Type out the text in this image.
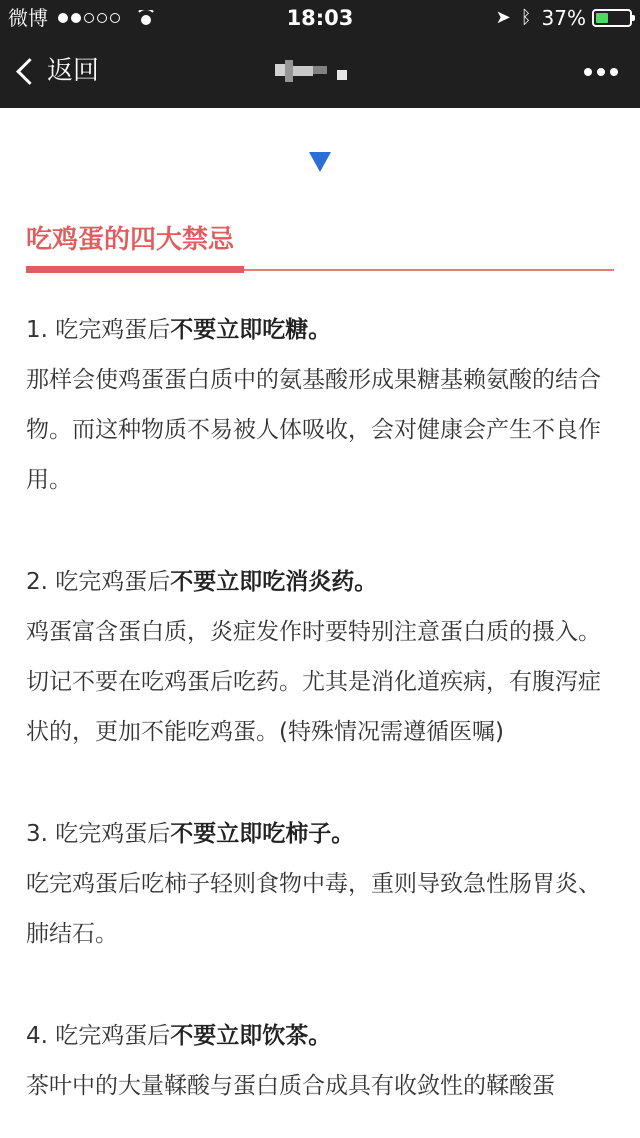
微博	18:03	➤ ᛒ 37%
返回
吃鸡蛋的四大禁忌

1. 吃完鸡蛋后不要立即吃糖。

那样会使鸡蛋蛋白质中的氨基酸形成果糖基赖氨酸的结合物。而这种物质不易被人体吸收，会对健康会产生不良作用。

2. 吃完鸡蛋后不要立即吃消炎药。

鸡蛋富含蛋白质，炎症发作时要特别注意蛋白质的摄入。切记不要在吃鸡蛋后吃药。尤其是消化道疾病，有腹泻症状的，更加不能吃鸡蛋。(特殊情况需遵循医嘱)

3. 吃完鸡蛋后不要立即吃柿子。

吃完鸡蛋后吃柿子轻则食物中毒，重则导致急性肠胃炎、肺结石。

4. 吃完鸡蛋后不要立即饮茶。

茶叶中的大量鞣酸与蛋白质合成具有收敛性的鞣酸蛋
